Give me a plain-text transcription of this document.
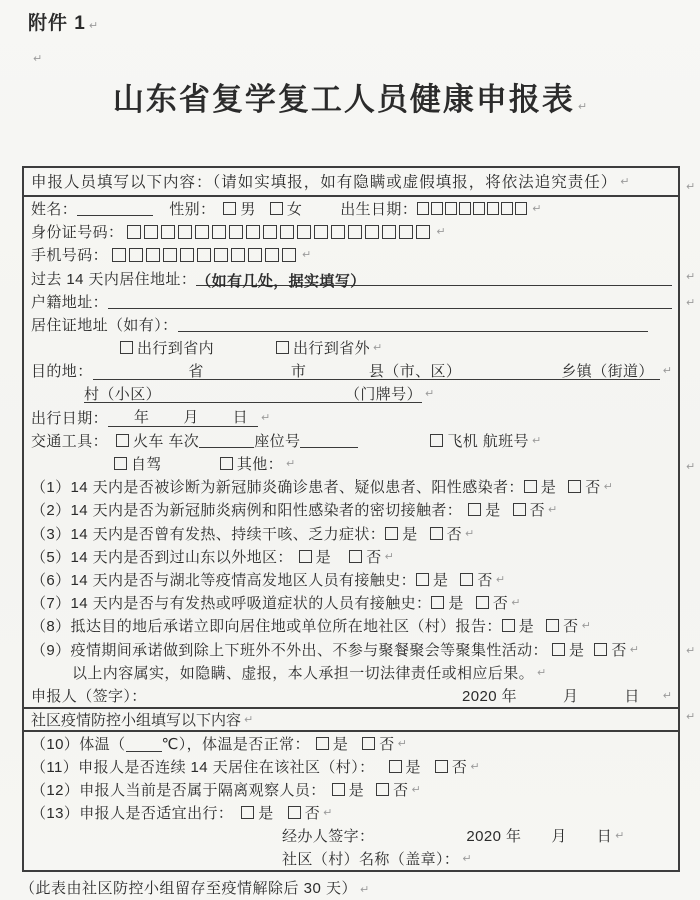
附件 1 ↵
↵
山东省复学复工人员健康申报表 ↵
申报人员填写以下内容：（请如实填报，如有隐瞒或虚假填报，将依法追究责任） ↵
姓名：	性别： 男 女	出生日期：	↵
身份证号码：	↵
手机号码：	↵
过去 14 天内居住地址： （如有几处，据实填写）
户籍地址：
居住证地址（如有）：
出行到省内	出行到省外 ↵
目的地：	省	市	县（市、区）	乡镇（街道） ↵
村（小区）	（门牌号） ↵
出行日期： 年 月 日 ↵
交通工具： 火车 车次	座位号	飞机 航班号 ↵
自驾	其他： ↵
（1）14 天内是否被诊断为新冠肺炎确诊患者、疑似患者、阳性感染者： 是 否 ↵
（2）14 天内是否为新冠肺炎病例和阳性感染者的密切接触者： 是 否 ↵
（3）14 天内是否曾有发热、持续干咳、乏力症状： 是 否 ↵
（5）14 天内是否到过山东以外地区： 是 否 ↵
（6）14 天内是否与湖北等疫情高发地区人员有接触史： 是 否 ↵
（7）14 天内是否与有发热或呼吸道症状的人员有接触史： 是 否 ↵
（8）抵达目的地后承诺立即向居住地或单位所在地社区（村）报告： 是 否 ↵
（9）疫情期间承诺做到除上下班外不外出、不参与聚餐聚会等聚集性活动： 是 否 ↵
以上内容属实，如隐瞒、虚报，本人承担一切法律责任或相应后果。 ↵
申报人（签字）：	2020 年	月	日 ↵
社区疫情防控小组填写以下内容 ↵
（10）体温（ ℃），体温是否正常： 是 否 ↵
（11）申报人是否连续 14 天居住在该社区（村）： 是 否 ↵
（12）申报人当前是否属于隔离观察人员： 是 否 ↵
（13）申报人是否适宜出行： 是 否 ↵
经办人签字：	2020 年 月 日 ↵
社区（村）名称（盖章）： ↵
↵
↵
↵
↵
↵
↵
（此表由社区防控小组留存至疫情解除后 30 天） ↵
